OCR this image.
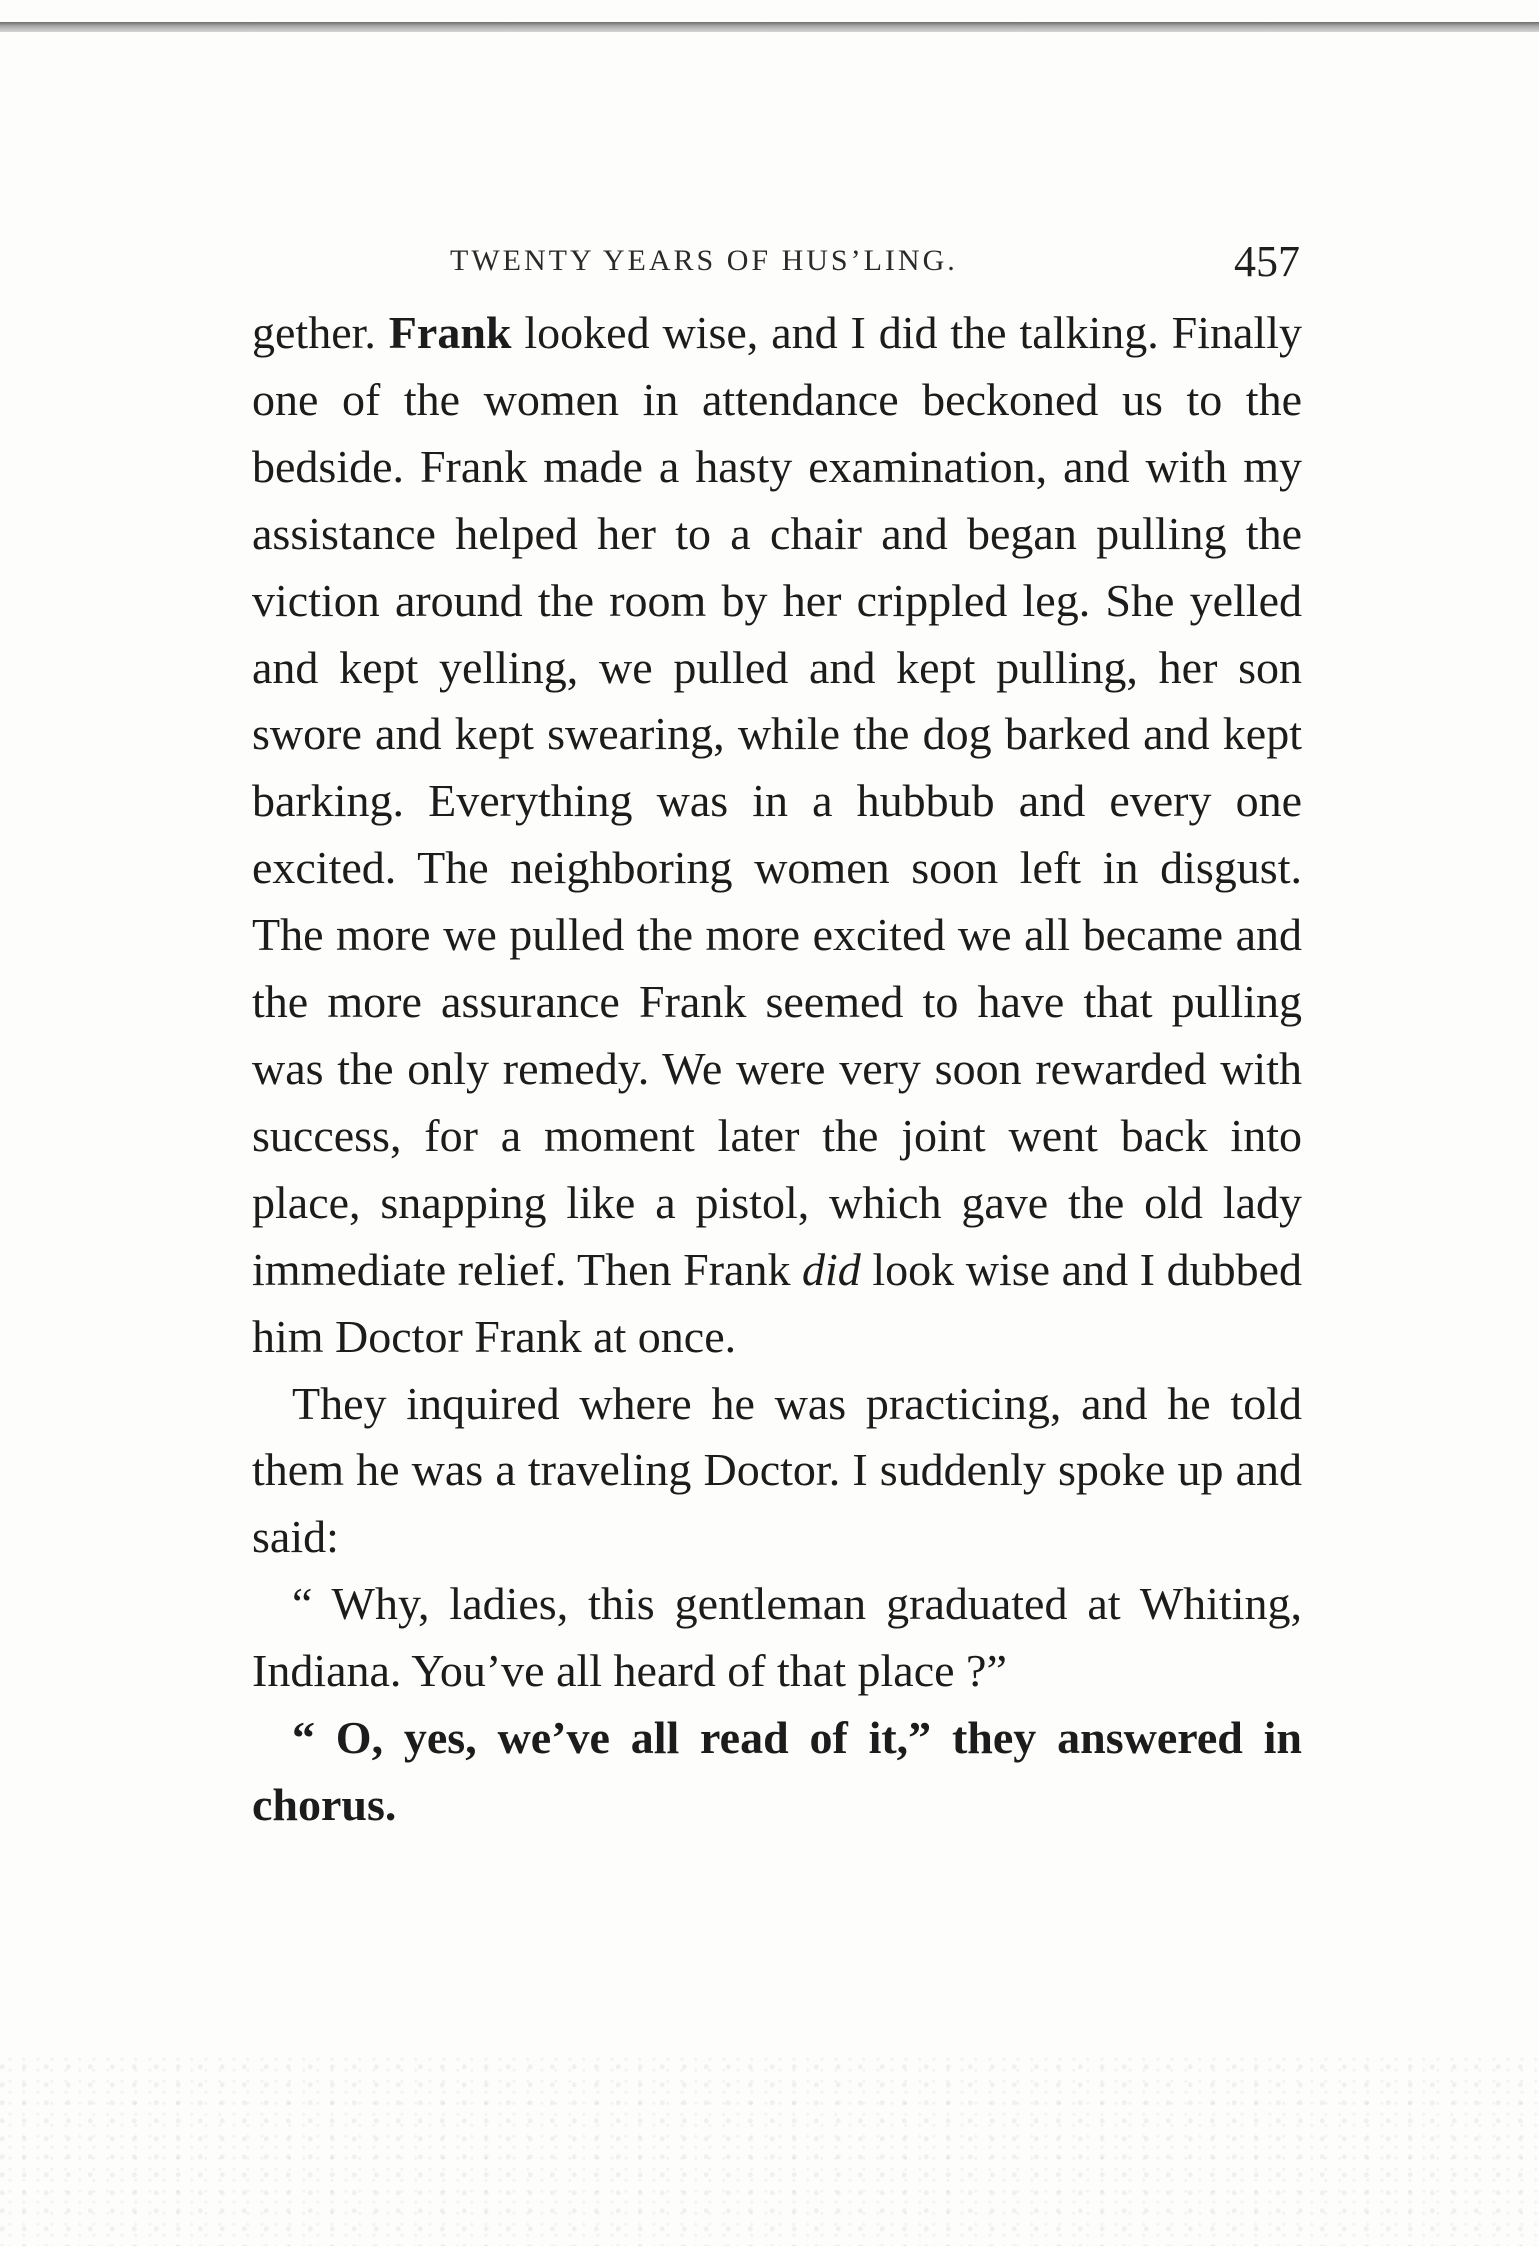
TWENTY YEARS OF HUS’LING.	457

gether. Frank looked wise, and I did the talking. Finally one of the women in attendance beckoned us to the bedside. Frank made a hasty examination, and with my assistance helped her to a chair and began pulling the viction around the room by her crippled leg. She yelled and kept yelling, we pulled and kept pulling, her son swore and kept swearing, while the dog barked and kept barking. Everything was in a hubbub and every one excited. The neighboring women soon left in disgust. The more we pulled the more excited we all became and the more assurance Frank seemed to have that pulling was the only remedy. We were very soon rewarded with success, for a moment later the joint went back into place, snapping like a pistol, which gave the old lady immediate relief. Then Frank did look wise and I dubbed him Doctor Frank at once.

They inquired where he was practicing, and he told them he was a traveling Doctor. I suddenly spoke up and said:

“ Why, ladies, this gentleman graduated at Whiting, Indiana. You’ve all heard of that place ?”

“ O, yes, we’ve all read of it,” they answered in chorus.
